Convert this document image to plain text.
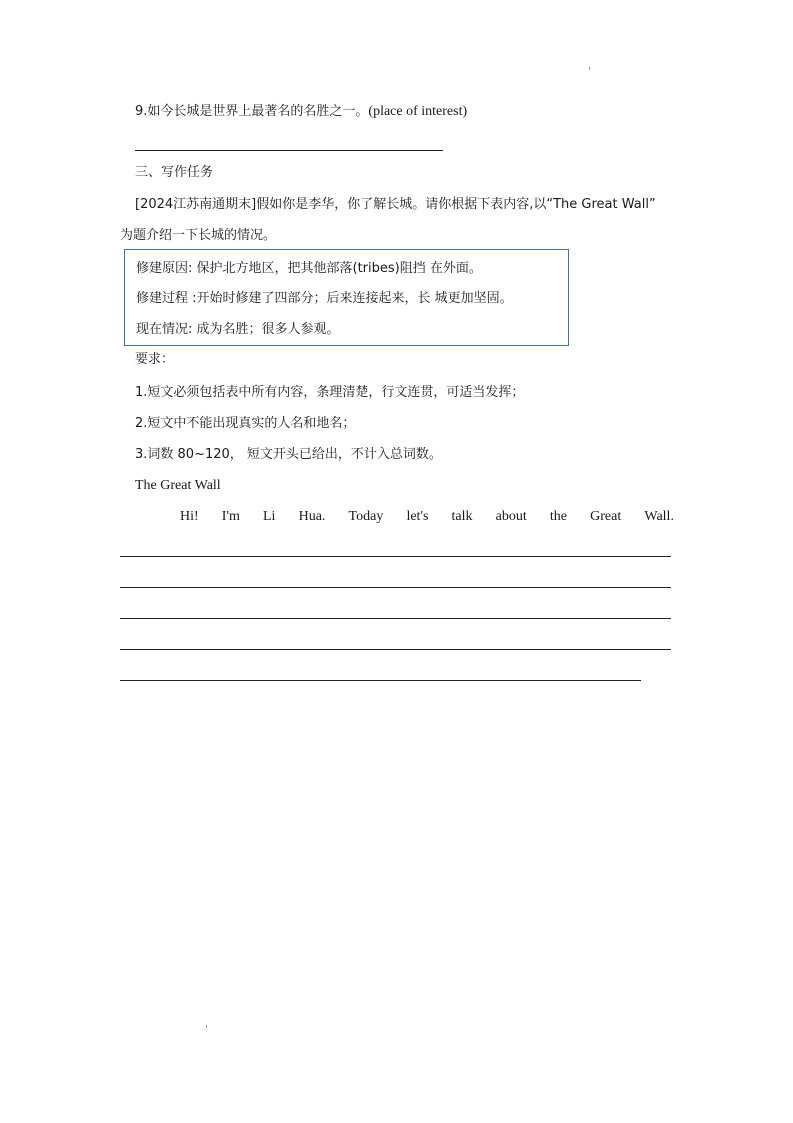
9.如今长城是世界上最著名的名胜之一。(place of interest)
三、写作任务
[2024江苏南通期末]假如你是李华，你了解长城。请你根据下表内容,以“The Great Wall”
为题介绍一下长城的情况。
修建原因: 保护北方地区，把其他部落(tribes)阻挡 在外面。
修建过程 :开始时修建了四部分；后来连接起来，长 城更加坚固。
现在情况: 成为名胜；很多人参观。
要求：
1.短文必须包括表中所有内容，条理清楚，行文连贯，可适当发挥；
2.短文中不能出现真实的人名和地名；
3.词数 80~120， 短文开头已给出，不计入总词数。
The Great Wall
Hi! I'm Li Hua. Today let's talk about the Great Wall.
